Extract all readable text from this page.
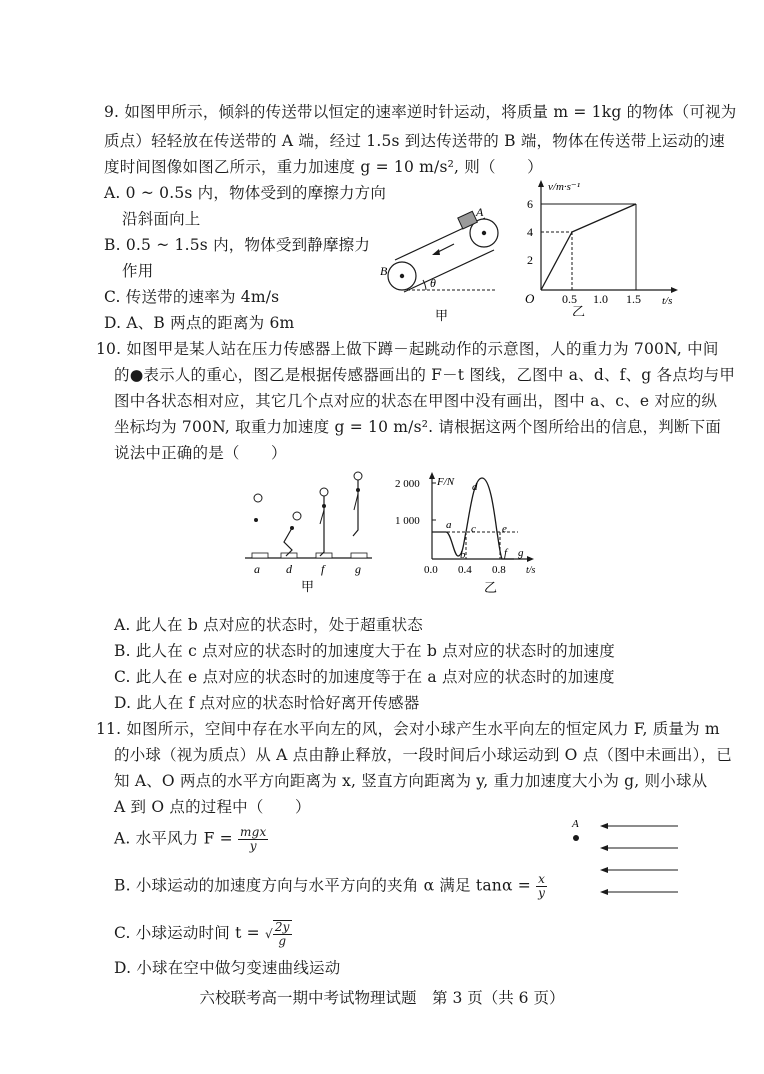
9. 如图甲所示，倾斜的传送带以恒定的速率逆时针运动，将质量 m = 1kg 的物体（可视为
质点）轻轻放在传送带的 A 端，经过 1.5s 到达传送带的 B 端，物体在传送带上运动的速
度时间图像如图乙所示，重力加速度 g = 10 m/s², 则（　　）
A. 0 ~ 0.5s 内，物体受到的摩擦力方向
沿斜面向上
B. 0.5 ~ 1.5s 内，物体受到静摩擦力
作用
C. 传送带的速率为 4m/s
D. A、B 两点的距离为 6m
θ
A
B
甲
v/m·s⁻¹
t/s
O
6
4
2
0.5 1.0 1.5
乙
10. 如图甲是某人站在压力传感器上做下蹲－起跳动作的示意图，人的重力为 700N, 中间
的●表示人的重心，图乙是根据传感器画出的 F－t 图线，乙图中 a、d、f、g 各点均与甲
图中各状态相对应，其它几个点对应的状态在甲图中没有画出，图中 a、c、e 对应的纵
坐标均为 700N, 取重力加速度 g = 10 m/s². 请根据这两个图所给出的信息，判断下面
说法中正确的是（　　）
a d f	g
甲
F/N
t/s
2 000
1 000 a
b
c
d
e
f g
0.0 0.4 0.8
乙
A. 此人在 b 点对应的状态时，处于超重状态
B. 此人在 c 点对应的状态时的加速度大于在 b 点对应的状态时的加速度
C. 此人在 e 点对应的状态时的加速度等于在 a 点对应的状态时的加速度
D. 此人在 f 点对应的状态时恰好离开传感器
11. 如图所示，空间中存在水平向左的风，会对小球产生水平向左的恒定风力 F, 质量为 m
的小球（视为质点）从 A 点由静止释放，一段时间后小球运动到 O 点（图中未画出），已
知 A、O 两点的水平方向距离为 x, 竖直方向距离为 y, 重力加速度大小为 g, 则小球从
A 到 O 点的过程中（　　）
A. 水平风力 $F = \frac{\text{mgx}}{y}$
B. 小球运动的加速度方向与水平方向的夹角 α 满足 $\tan\alpha = \frac{x}{y}$
C. 小球运动时间 t = √ $\frac{2y}{g}$
D. 小球在空中做匀变速曲线运动
A
六校联考高一期中考试物理试题　第 3 页（共 6 页）
